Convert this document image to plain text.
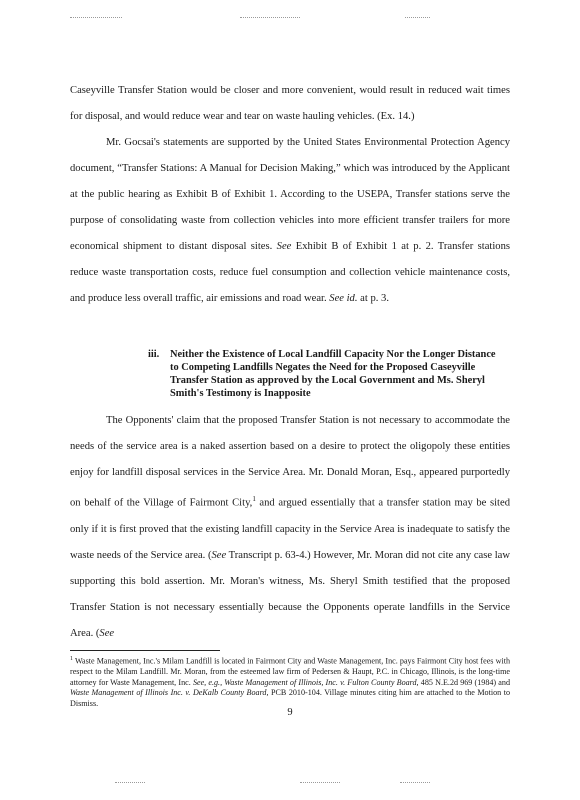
Caseyville Transfer Station would be closer and more convenient, would result in reduced wait times for disposal, and would reduce wear and tear on waste hauling vehicles. (Ex. 14.)

Mr. Gocsai's statements are supported by the United States Environmental Protection Agency document, “Transfer Stations: A Manual for Decision Making,” which was introduced by the Applicant at the public hearing as Exhibit B of Exhibit 1. According to the USEPA, Transfer stations serve the purpose of consolidating waste from collection vehicles into more efficient transfer trailers for more economical shipment to distant disposal sites. See Exhibit B of Exhibit 1 at p. 2. Transfer stations reduce waste transportation costs, reduce fuel consumption and collection vehicle maintenance costs, and produce less overall traffic, air emissions and road wear. See id. at p. 3.

iii. Neither the Existence of Local Landfill Capacity Nor the Longer Distance to Competing Landfills Negates the Need for the Proposed Caseyville Transfer Station as approved by the Local Government and Ms. Sheryl Smith's Testimony is Inapposite

The Opponents' claim that the proposed Transfer Station is not necessary to accommodate the needs of the service area is a naked assertion based on a desire to protect the oligopoly these entities enjoy for landfill disposal services in the Service Area. Mr. Donald Moran, Esq., appeared purportedly on behalf of the Village of Fairmont City,$^1$ and argued essentially that a transfer station may be sited only if it is first proved that the existing landfill capacity in the Service Area is inadequate to satisfy the waste needs of the Service area. (See Transcript p. 63-4.) However, Mr. Moran did not cite any case law supporting this bold assertion. Mr. Moran's witness, Ms. Sheryl Smith testified that the proposed Transfer Station is not necessary essentially because the Opponents operate landfills in the Service Area. (See

$^1$ Waste Management, Inc.'s Milam Landfill is located in Fairmont City and Waste Management, Inc. pays Fairmont City host fees with respect to the Milam Landfill. Mr. Moran, from the esteemed law firm of Pedersen & Haupt, P.C. in Chicago, Illinois, is the long-time attorney for Waste Management, Inc. See, e.g., Waste Management of Illinois, Inc. v. Fulton County Board, 485 N.E.2d 969 (1984) and Waste Management of Illinois Inc. v. DeKalb County Board, PCB 2010-104. Village minutes citing him are attached to the Motion to Dismiss.
9
